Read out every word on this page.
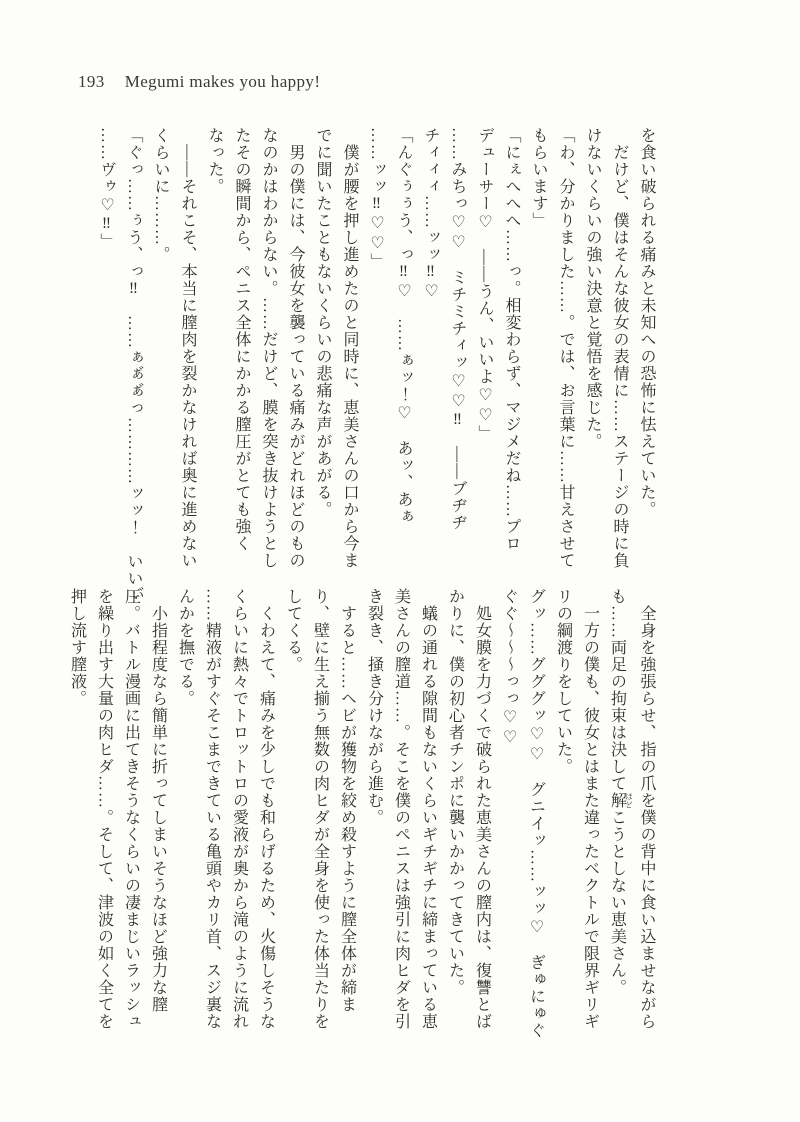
193 Megumi makes you happy!
を食い破られる痛みと未知への恐怖に怯えていた。
だけど、僕はそんな彼女の表情に……ステージの時に負
けないくらいの強い決意と覚悟を感じた。
「わ、分かりました……。では、お言葉に……甘えさせて
もらいます」
「にぇへへへ……っ。相変わらず、マジメだね……プロ
デューサー♡　――うん、いいよ♡♡」
……みちっ♡♡　ミチミチィッ♡♡‼　――ブヂヂ
チィィィ……ッッ‼♡
「んぐぅぅう、っ‼♡　……ぁッ！♡　あッ、あぁ
……ッッ‼♡♡」
僕が腰を押し進めたのと同時に、恵美さんの口から今ま
でに聞いたこともないくらいの悲痛な声があがる。
男の僕には、今彼女を襲っている痛みがどれほどのもの
なのかはわからない。……だけど、膜を突き抜けようとし
たその瞬間から、ペニス全体にかかる膣圧がとても強く
なった。
――それこそ、本当に膣肉を裂かなければ奥に進めない
くらいに………。
「ぐっ……ぅう、っ‼　……ぁぁ゙ぁ゙っ…………ッッ！　いいぃ゙
……ヴゥ♡‼」
全身を強張らせ、指の爪を僕の背中に食い込ませながら
も……両足の拘束は決して解 ほどこうとしない恵美さん。
一方の僕も、彼女とはまた違ったベクトルで限界ギリギ
リの綱渡りをしていた。
グッ……グググッ♡♡　グニイッ……ッッ♡　ぎゅにゅぐ
ぐぐ～～～っっ♡♡
処女膜を力づくで破られた恵美さんの膣内は、復讐とば
かりに、僕の初心者チンポに襲いかかってきていた。
蟻の通れる隙間もないくらいギチギチに締まっている恵
美さんの膣道……。そこを僕のペニスは強引に肉ヒダを引
き裂き、掻き分けながら進む。
すると……ヘビが獲物を絞め殺すように膣全体が締ま
り、壁に生え揃う無数の肉ヒダが全身を使った体当たりを
してくる。
くわえて、痛みを少しでも和らげるため、火傷しそうな
くらいに熱々でトロットロの愛液が奥から滝のように流れ
……精液がすぐそこまできている亀頭やカリ首、スジ裏な
んかを撫でる。
小指程度なら簡単に折ってしまいそうなほど強力な膣
圧。バトル漫画に出てきそうなくらいの凄まじいラッシュ
を繰り出す大量の肉ヒダ……。そして、津波の如く全てを
押し流す膣液。
